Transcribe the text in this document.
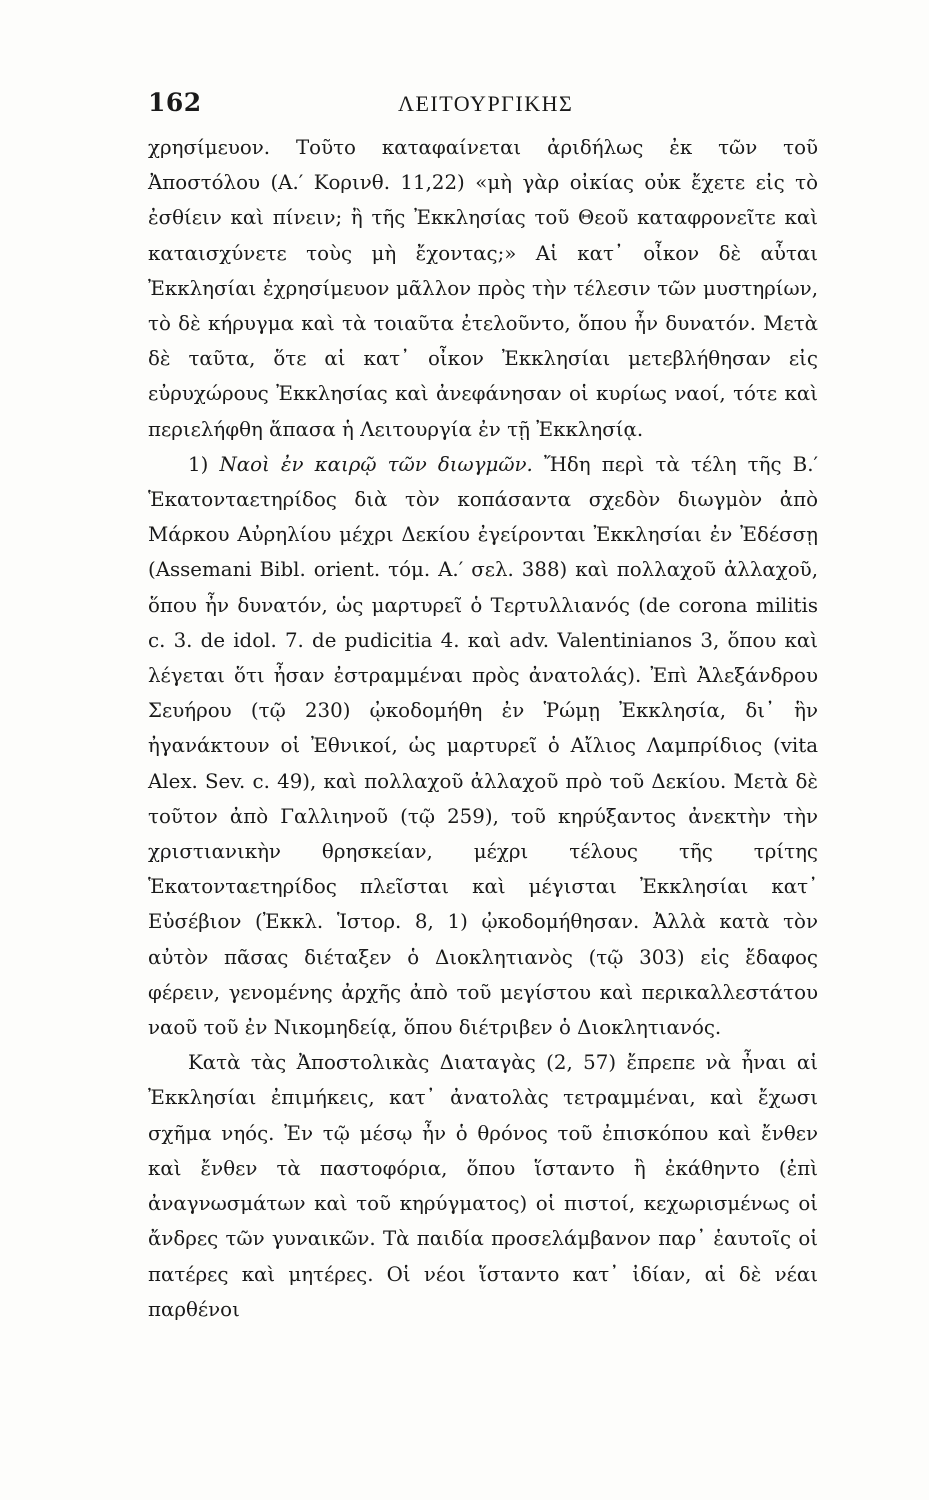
162	ΛΕΙΤΟΥΡΓΙΚΗΣ

χρησίμευον. Τοῦτο καταφαίνεται ἀριδήλως ἐκ τῶν τοῦ Ἀποστόλου (Α.′ Κορινθ. 11,22) «μὴ γὰρ οἰκίας οὐκ ἔχετε εἰς τὸ ἐσθίειν καὶ πίνειν; ἢ τῆς Ἐκκλησίας τοῦ Θεοῦ καταφρονεῖτε καὶ καταισχύνετε τοὺς μὴ ἔχοντας;» Αἱ κατ᾽ οἶκον δὲ αὗται Ἐκκλησίαι ἐχρησίμευον μᾶλλον πρὸς τὴν τέλεσιν τῶν μυστηρίων, τὸ δὲ κήρυγμα καὶ τὰ τοιαῦτα ἐτελοῦντο, ὅπου ἦν δυνατόν. Μετὰ δὲ ταῦτα, ὅτε αἱ κατ᾽ οἶκον Ἐκκλησίαι μετεβλήθησαν εἰς εὐρυχώρους Ἐκκλησίας καὶ ἀνεφάνησαν οἱ κυρίως ναοί, τότε καὶ περιελήφθη ἅπασα ἡ Λειτουργία ἐν τῇ Ἐκκλησίᾳ.

1) Ναοὶ ἐν καιρῷ τῶν διωγμῶν. Ἤδη περὶ τὰ τέλη τῆς Β.′ Ἑκατονταετηρίδος διὰ τὸν κοπάσαντα σχεδὸν διωγμὸν ἀπὸ Μάρκου Αὐρηλίου μέχρι Δεκίου ἐγείρονται Ἐκκλησίαι ἐν Ἐδέσσῃ (Assemani Bibl. orient. τόμ. Α.′ σελ. 388) καὶ πολλαχοῦ ἀλλαχοῦ, ὅπου ἦν δυνατόν, ὡς μαρτυρεῖ ὁ Τερτυλλιανός (de corona militis c. 3. de idol. 7. de pudicitia 4. καὶ adv. Valentinianos 3, ὅπου καὶ λέγεται ὅτι ἦσαν ἐστραμμέναι πρὸς ἀνατολάς). Ἐπὶ Ἀλεξάνδρου Σευήρου (τῷ 230) ᾠκοδομήθη ἐν Ῥώμῃ Ἐκκλησία, δι᾽ ἣν ἠγανάκτουν οἱ Ἐθνικοί, ὡς μαρτυρεῖ ὁ Αἴλιος Λαμπρίδιος (vita Alex. Sev. c. 49), καὶ πολλαχοῦ ἀλλαχοῦ πρὸ τοῦ Δεκίου. Μετὰ δὲ τοῦτον ἀπὸ Γαλλιηνοῦ (τῷ 259), τοῦ κηρύξαντος ἀνεκτὴν τὴν χριστιανικὴν θρησκείαν, μέχρι τέλους τῆς τρίτης Ἑκατονταετηρίδος πλεῖσται καὶ μέγισται Ἐκκλησίαι κατ᾽ Εὐσέβιον (Ἐκκλ. Ἱστορ. 8, 1) ᾠκοδομήθησαν. Ἀλλὰ κατὰ τὸν αὐτὸν πᾶσας διέταξεν ὁ Διοκλητιανὸς (τῷ 303) εἰς ἔδαφος φέρειν, γενομένης ἀρχῆς ἀπὸ τοῦ μεγίστου καὶ περικαλλεστάτου ναοῦ τοῦ ἐν Νικομηδείᾳ, ὅπου διέτριβεν ὁ Διοκλητιανός.

Κατὰ τὰς Ἀποστολικὰς Διαταγὰς (2, 57) ἔπρεπε νὰ ἦναι αἱ Ἐκκλησίαι ἐπιμήκεις, κατ᾽ ἀνατολὰς τετραμμέναι, καὶ ἔχωσι σχῆμα νηός. Ἐν τῷ μέσῳ ἦν ὁ θρόνος τοῦ ἐπισκόπου καὶ ἔνθεν καὶ ἔνθεν τὰ παστοφόρια, ὅπου ἵσταντο ἢ ἐκάθηντο (ἐπὶ ἀναγνωσμάτων καὶ τοῦ κηρύγματος) οἱ πιστοί, κεχωρισμένως οἱ ἄνδρες τῶν γυναικῶν. Τὰ παιδία προσελάμβανον παρ᾽ ἑαυτοῖς οἱ πατέρες καὶ μητέρες. Οἱ νέοι ἵσταντο κατ᾽ ἰδίαν, αἱ δὲ νέαι παρθένοι
